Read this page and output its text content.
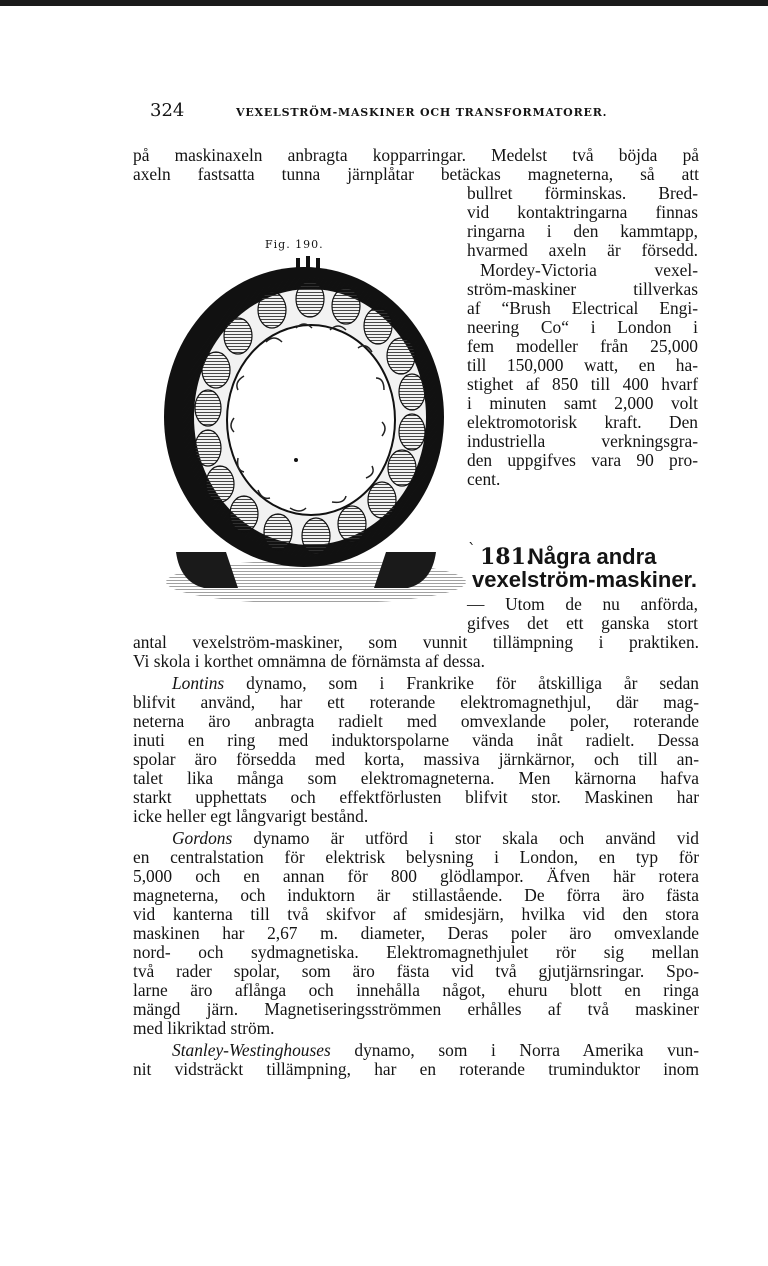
324	VEXELSTRÖM-MASKINER OCH TRANSFORMATORER.
på maskinaxeln anbragta kopparringar. Medelst två böjda på
axeln fastsatta tunna järnplåtar betäckas magneterna, så att
Fig. 190.
bullret förminskas. Bred-
vid kontaktringarna finnas
ringarna i den kammtapp,
hvarmed axeln är försedd.
Mordey-Victoria vexel-
ström-maskiner tillverkas
af “Brush Electrical Engi-
neering Co“ i London i
fem modeller från 25,000
till 150,000 watt, en ha-
stighet af 850 till 400 hvarf
i minuten samt 2,000 volt
elektromotorisk kraft. Den
industriella verkningsgra-
den uppgifves vara 90 pro-
cent.
ˋ 181.
Några andra
vexelström-maskiner.
— Utom de nu anförda,
gifves det ett ganska stort
antal vexelström-maskiner, som vunnit tillämpning i praktiken.
Vi skola i korthet omnämna de förnämsta af dessa.
Lontins dynamo, som i Frankrike för åtskilliga år sedan
blifvit använd, har ett roterande elektromagnethjul, där mag-
neterna äro anbragta radielt med omvexlande poler, roterande
inuti en ring med induktorspolarne vända inåt radielt. Dessa
spolar äro försedda med korta, massiva järnkärnor, och till an-
talet lika många som elektromagneterna. Men kärnorna hafva
starkt upphettats och effektförlusten blifvit stor. Maskinen har
icke heller egt långvarigt bestånd.
Gordons dynamo är utförd i stor skala och använd vid
en centralstation för elektrisk belysning i London, en typ för
5,000 och en annan för 800 glödlampor. Äfven här rotera
magneterna, och induktorn är stillastående. De förra äro fästa
vid kanterna till två skifvor af smidesjärn, hvilka vid den stora
maskinen har 2,67 m. diameter, Deras poler äro omvexlande
nord- och sydmagnetiska. Elektromagnethjulet rör sig mellan
två rader spolar, som äro fästa vid två gjutjärnsringar. Spo-
larne äro aflånga och innehålla något, ehuru blott en ringa
mängd järn. Magnetiseringsströmmen erhålles af två maskiner
med likriktad ström.
Stanley-Westinghouses dynamo, som i Norra Amerika vun-
nit vidsträckt tillämpning, har en roterande truminduktor inom
